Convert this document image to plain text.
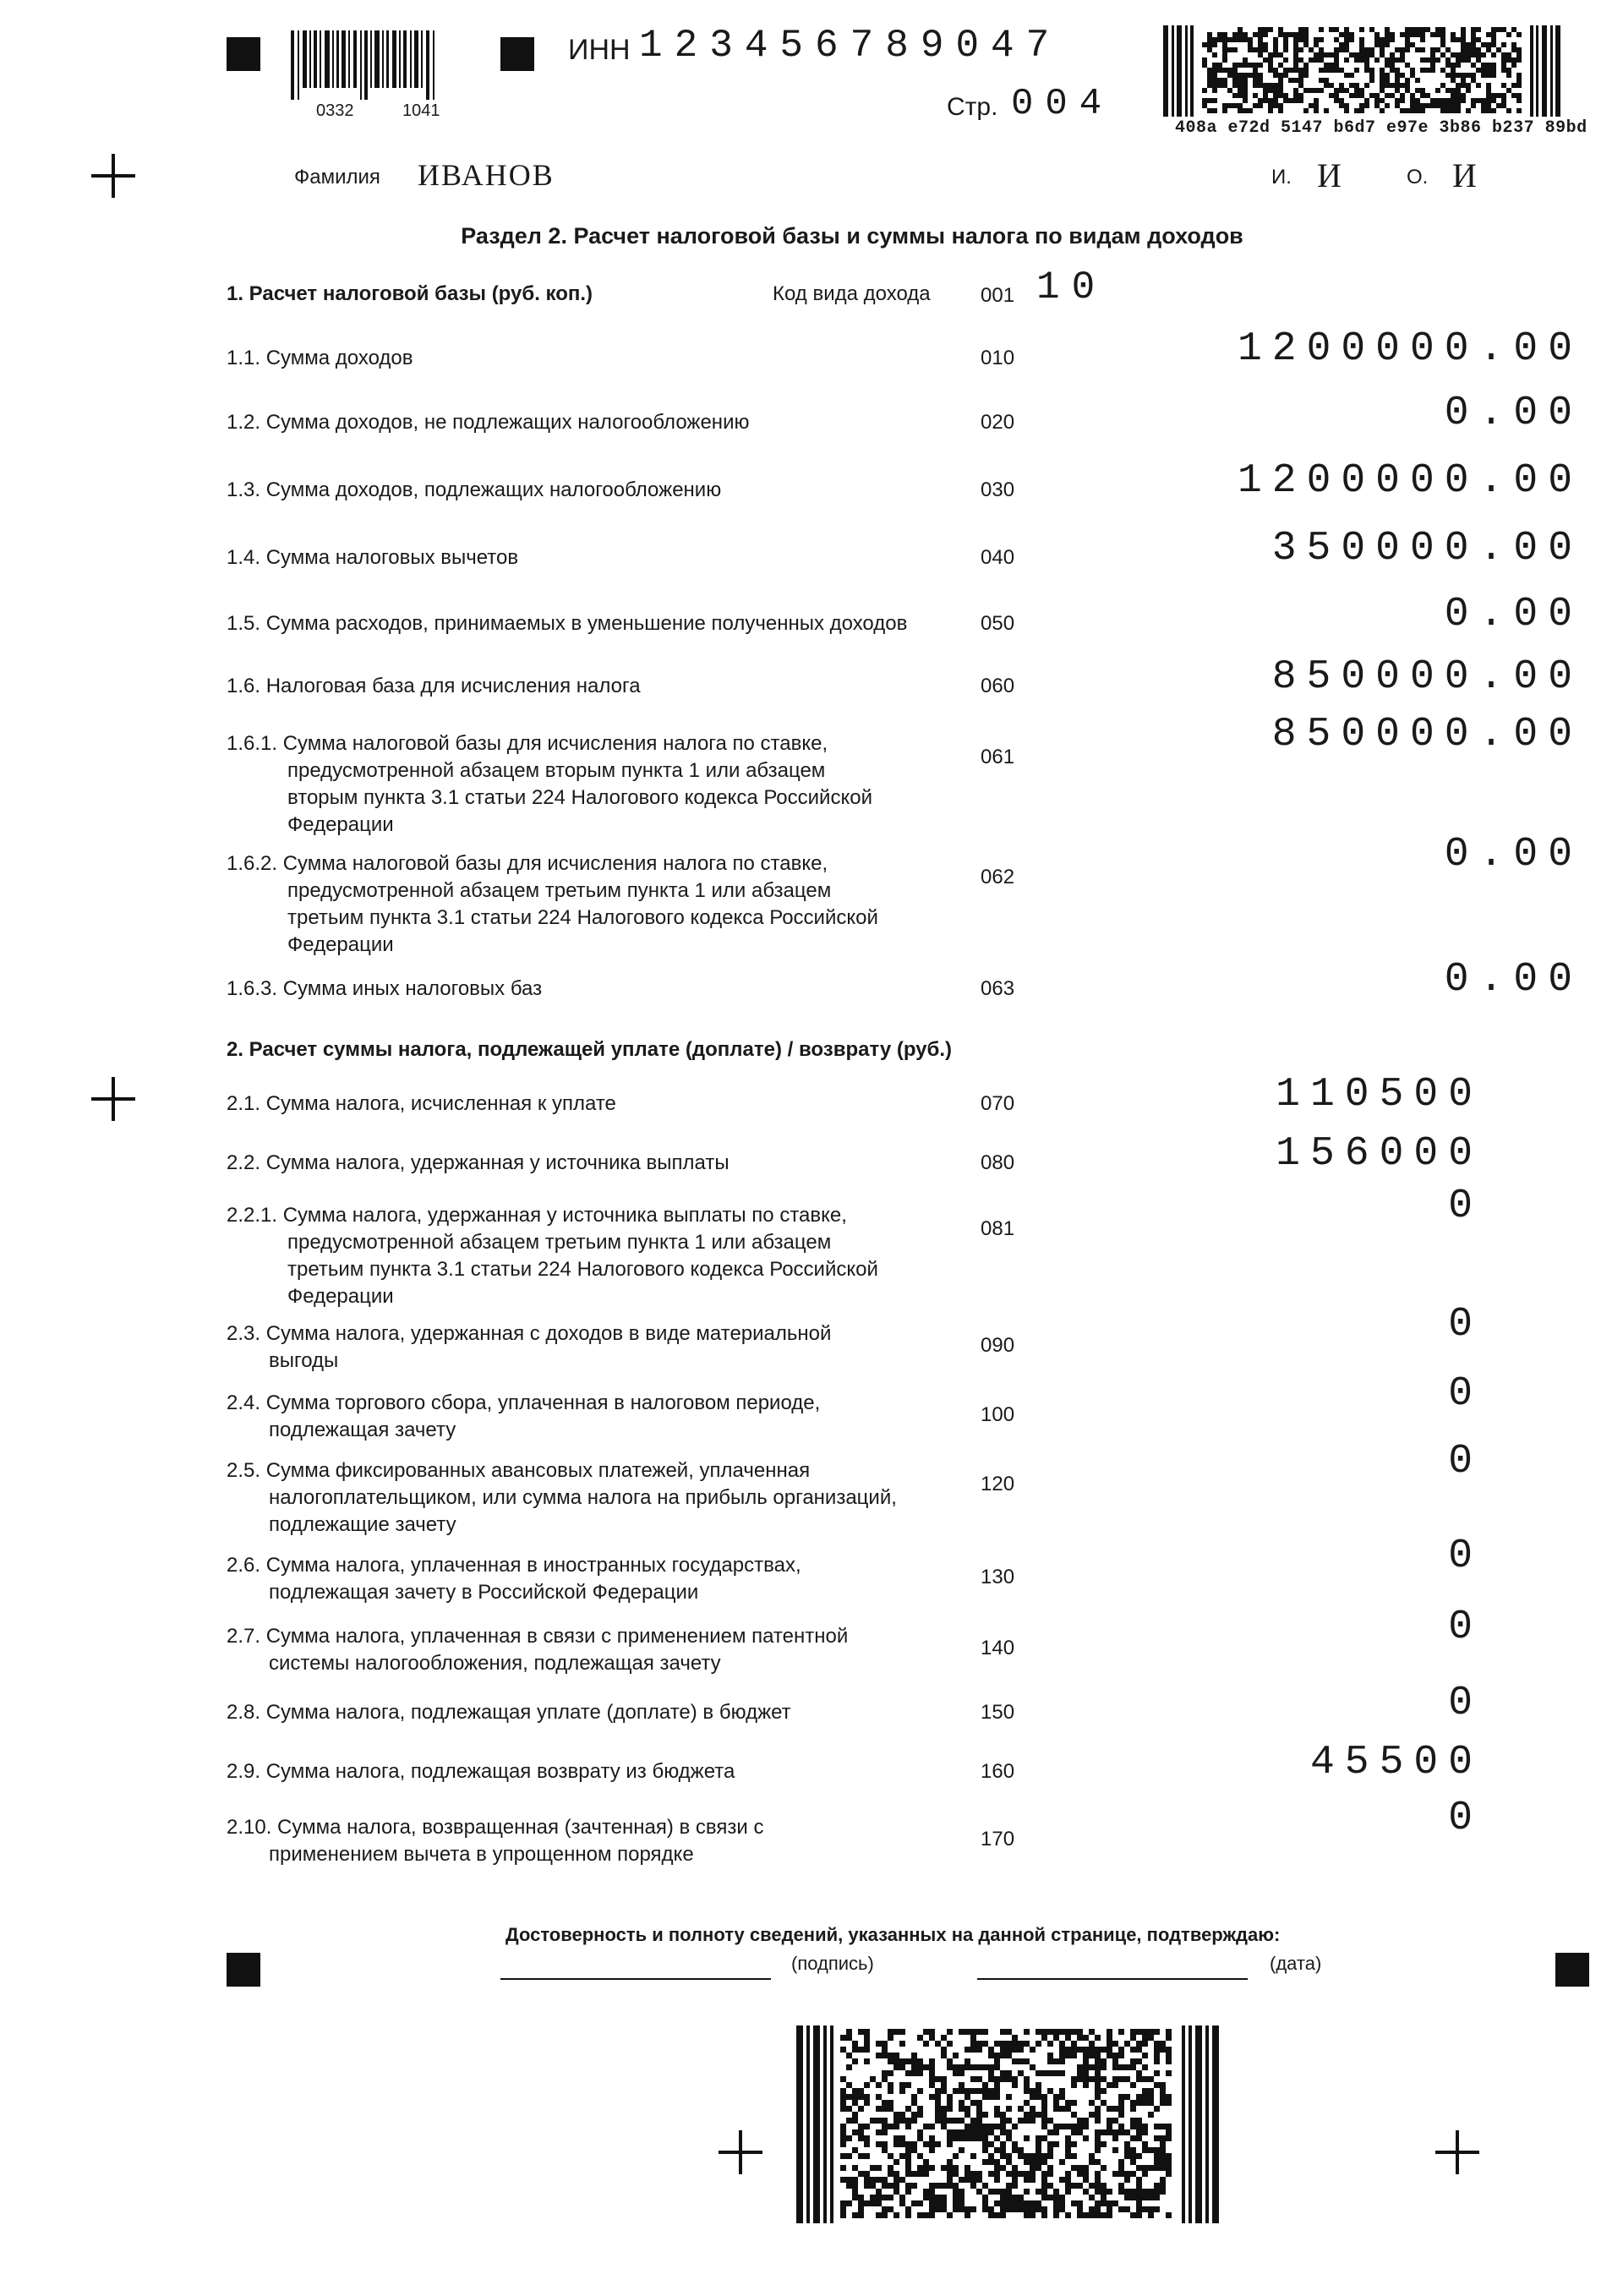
0332	1041
ИНН 123456789047
Стр. 004
408a e72d 5147 b6d7 e97e 3b86 b237 89bd
Фамилия ИВАНОВ	И. И	О. И
Раздел 2. Расчет налоговой базы и суммы налога по видам доходов
1. Расчет налоговой базы (руб. коп.)	Код вида дохода 001 10
1.1. Сумма доходов	010	1200000.00
1.2. Сумма доходов, не подлежащих налогообложению	020	0.00
1.3. Сумма доходов, подлежащих налогообложению	030	1200000.00
1.4. Сумма налоговых вычетов	040	350000.00
1.5. Сумма расходов, принимаемых в уменьшение полученных доходов	050	0.00
1.6. Налоговая база для исчисления налога	060	850000.00
1.6.1. Сумма налоговой базы для исчисления налога по ставке,
предусмотренной абзацем вторым пункта 1 или абзацем
вторым пункта 3.1 статьи 224 Налогового кодекса Российской
Федерации
061	850000.00
1.6.2. Сумма налоговой базы для исчисления налога по ставке,
предусмотренной абзацем третьим пункта 1 или абзацем
третьим пункта 3.1 статьи 224 Налогового кодекса Российской
Федерации
062	0.00
1.6.3. Сумма иных налоговых баз	063	0.00
2. Расчет суммы налога, подлежащей уплате (доплате) / возврату (руб.)
2.1. Сумма налога, исчисленная к уплате	070	110500
2.2. Сумма налога, удержанная у источника выплаты	080	156000
2.2.1. Сумма налога, удержанная у источника выплаты по ставке,
предусмотренной абзацем третьим пункта 1 или абзацем
третьим пункта 3.1 статьи 224 Налогового кодекса Российской
Федерации
081	0
2.3. Сумма налога, удержанная с доходов в виде материальной
выгоды
090	0
2.4. Сумма торгового сбора, уплаченная в налоговом периоде,
подлежащая зачету
100	0
2.5. Сумма фиксированных авансовых платежей, уплаченная
налогоплательщиком, или сумма налога на прибыль организаций,
подлежащие зачету
120	0
2.6. Сумма налога, уплаченная в иностранных государствах,
подлежащая зачету в Российской Федерации
130	0
2.7. Сумма налога, уплаченная в связи с применением патентной
системы налогообложения, подлежащая зачету
140	0
2.8. Сумма налога, подлежащая уплате (доплате) в бюджет	150	0
2.9. Сумма налога, подлежащая возврату из бюджета	160	45500
2.10. Сумма налога, возвращенная (зачтенная) в связи с
применением вычета в упрощенном порядке
170	0
Достоверность и полноту сведений, указанных на данной странице, подтверждаю:
(подпись)	(дата)
